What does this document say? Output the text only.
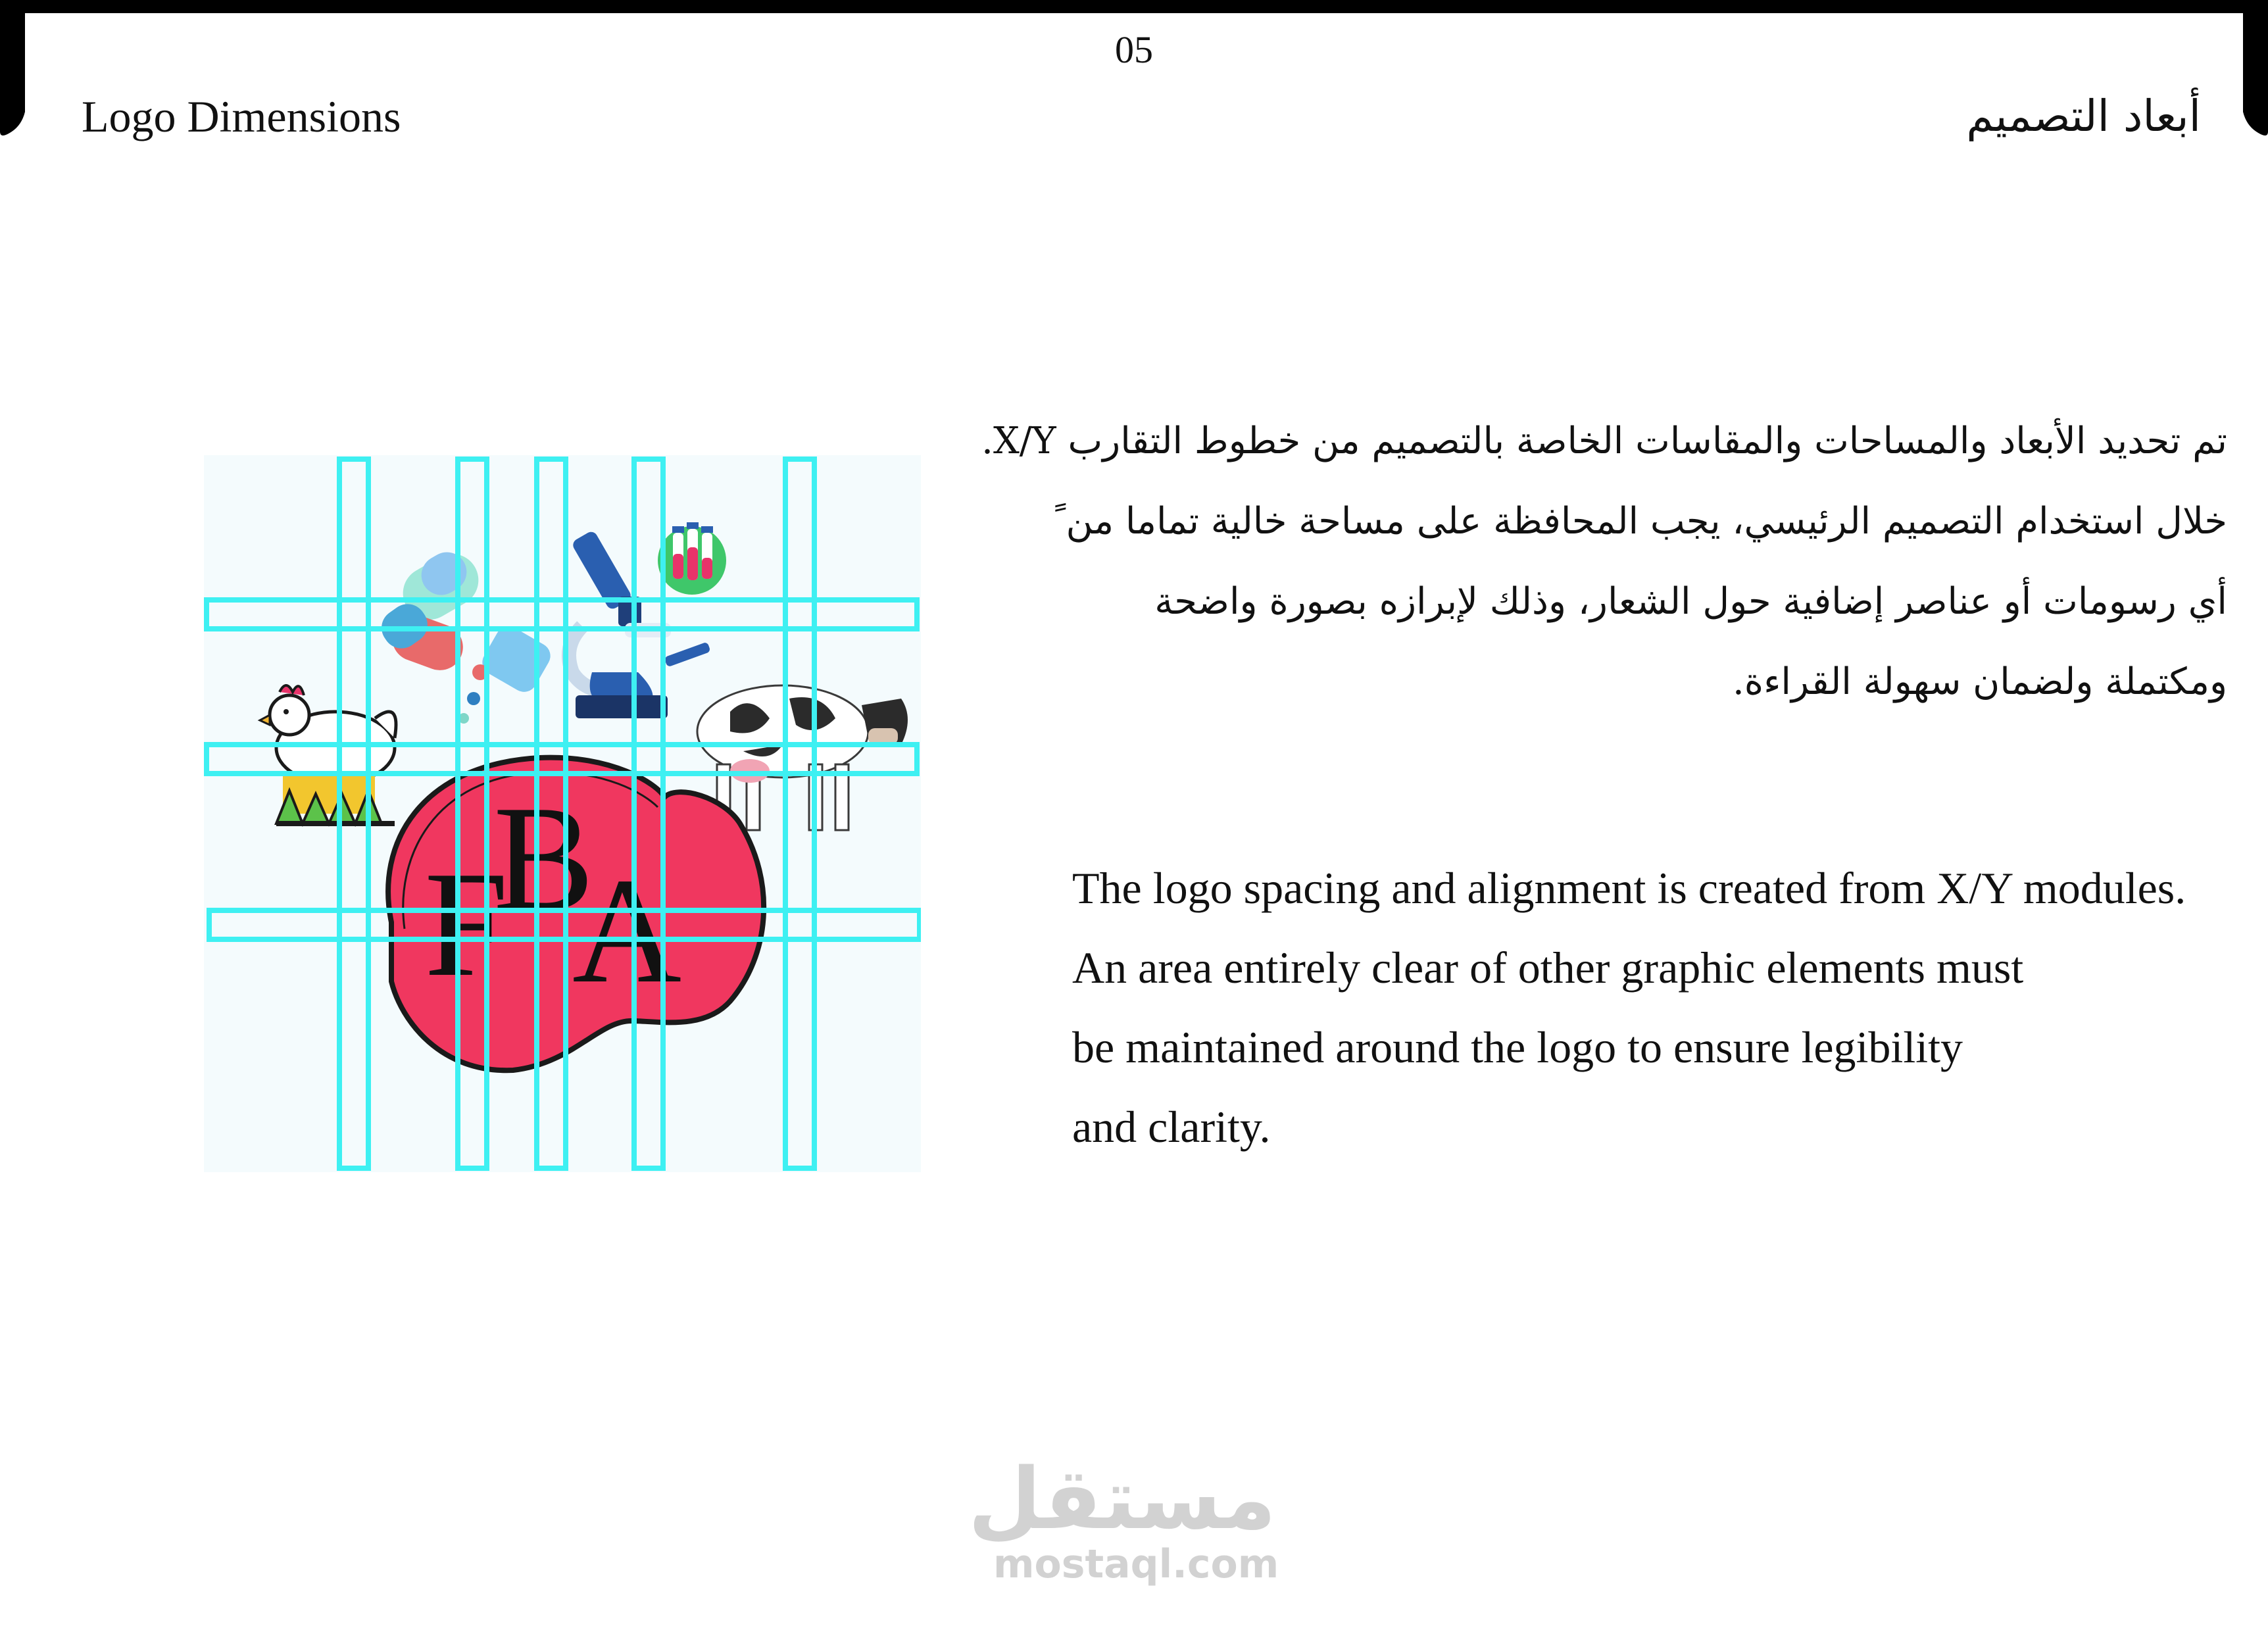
05
Logo Dimensions	أبعاد التصميم
F
B
A
تم تحديد الأبعاد والمساحات والمقاسات الخاصة بالتصميم من خطوط التقارب X/Y.
خلال استخدام التصميم الرئيسي، يجب المحافظة على مساحة خالية تماما من ً
أي رسومات أو عناصر إضافية حول الشعار، وذلك لإبرازه بصورة واضحة
ومكتملة ولضمان سهولة القراءة.
The logo spacing and alignment is created from X/Y modules.
An area entirely clear of other graphic elements must
be maintained around the logo to ensure legibility
and clarity.
مستقل
mostaql.com
